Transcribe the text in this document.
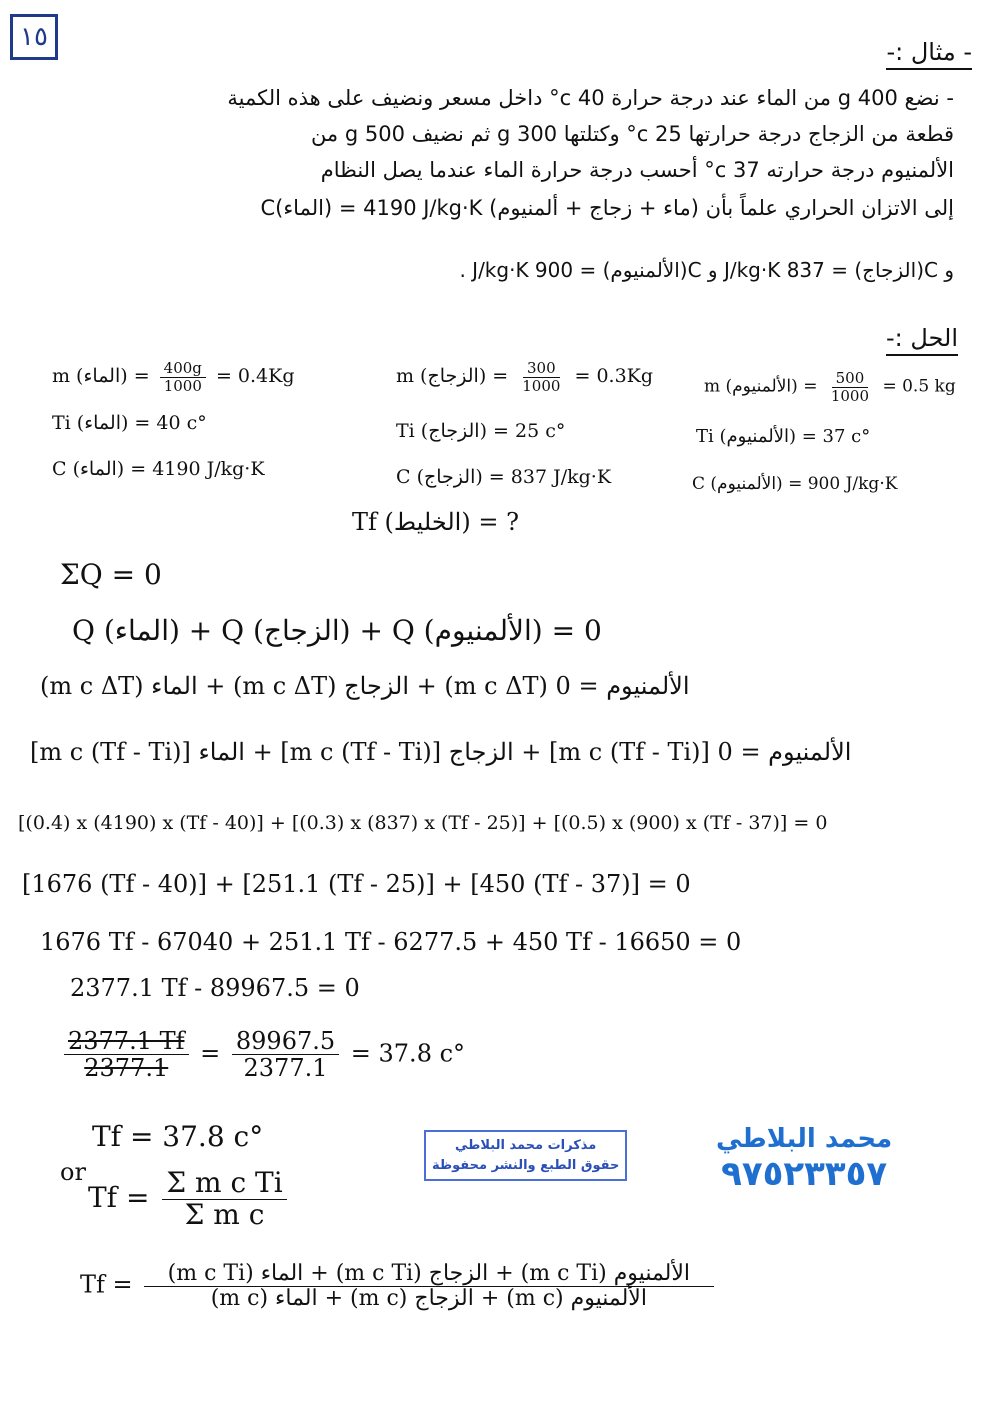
١٥	- مثال :-
- نضع 400 g من الماء عند درجة حرارة 40 c° داخل مسعر ونضيف على هذه الكمية
قطعة من الزجاج درجة حرارتها 25 c° وكتلتها 300 g ثم نضيف 500 g من
الألمنيوم درجة حرارته 37 c° أحسب درجة حرارة الماء عندما يصل النظام
C(الماء) = 4190 J/kg·K (ماء + زجاج + ألمنيوم) إلى الاتزان الحراري علماً بأن
و C(الزجاج) = 837 J/kg·K و C(الألمنيوم) = 900 J/kg·K .
الحل :-
m (الماء) = $\frac{400g}{1000} = 0.4Kg$
Ti (الماء) = 40 c°
C (الماء) = 4190 J/kg·K
m (الزجاج) = $\frac{300}{1000} = 0.3Kg$
Ti (الزجاج) = 25 c°
C (الزجاج) = 837 J/kg·K
m (الألمنيوم) = $\frac{500}{1000} = 0.5$ kg
Ti (الألمنيوم) = 37 c°
C (الألمنيوم) = 900 J/kg·K
Tf (الخليط) = ?
ΣQ = 0
Q (الماء) + Q (الزجاج) + Q (الألمنيوم) = 0
(m c ΔT) الماء + (m c ΔT) الزجاج + (m c ΔT) الألمنيوم = 0
[m c (Tf - Ti)] الماء + [m c (Tf - Ti)] الزجاج + [m c (Tf - Ti)] الألمنيوم = 0
[(0.4) x (4190) x (Tf - 40)] + [(0.3) x (837) x (Tf - 25)] + [(0.5) x (900) x (Tf - 37)] = 0
[1676 (Tf - 40)] + [251.1 (Tf - 25)] + [450 (Tf - 37)] = 0
1676 Tf - 67040 + 251.1 Tf - 6277.5 + 450 Tf - 16650 = 0
2377.1 Tf - 89967.5 = 0
$\frac{2377.1 Tf}{2377.1} = \frac{89967.5}{2377.1} = 37.8$ c°
Tf = 37.8 c°
or
$Tf = \frac{\text{Σ m c Ti}}{\text{Σ m c}}$
مذكرات محمد البلاطي
حقوق الطبع والنشر محفوظة
محمد البلاطي
٩٧٥٢٣٣٥٧
$Tf = \frac{\text{(m c Ti) الماء + (m c Ti) الزجاج + (m c Ti) الألمنيوم}}{\text{(m c) الماء + (m c) الزجاج + (m c) الألمنيوم}}$
